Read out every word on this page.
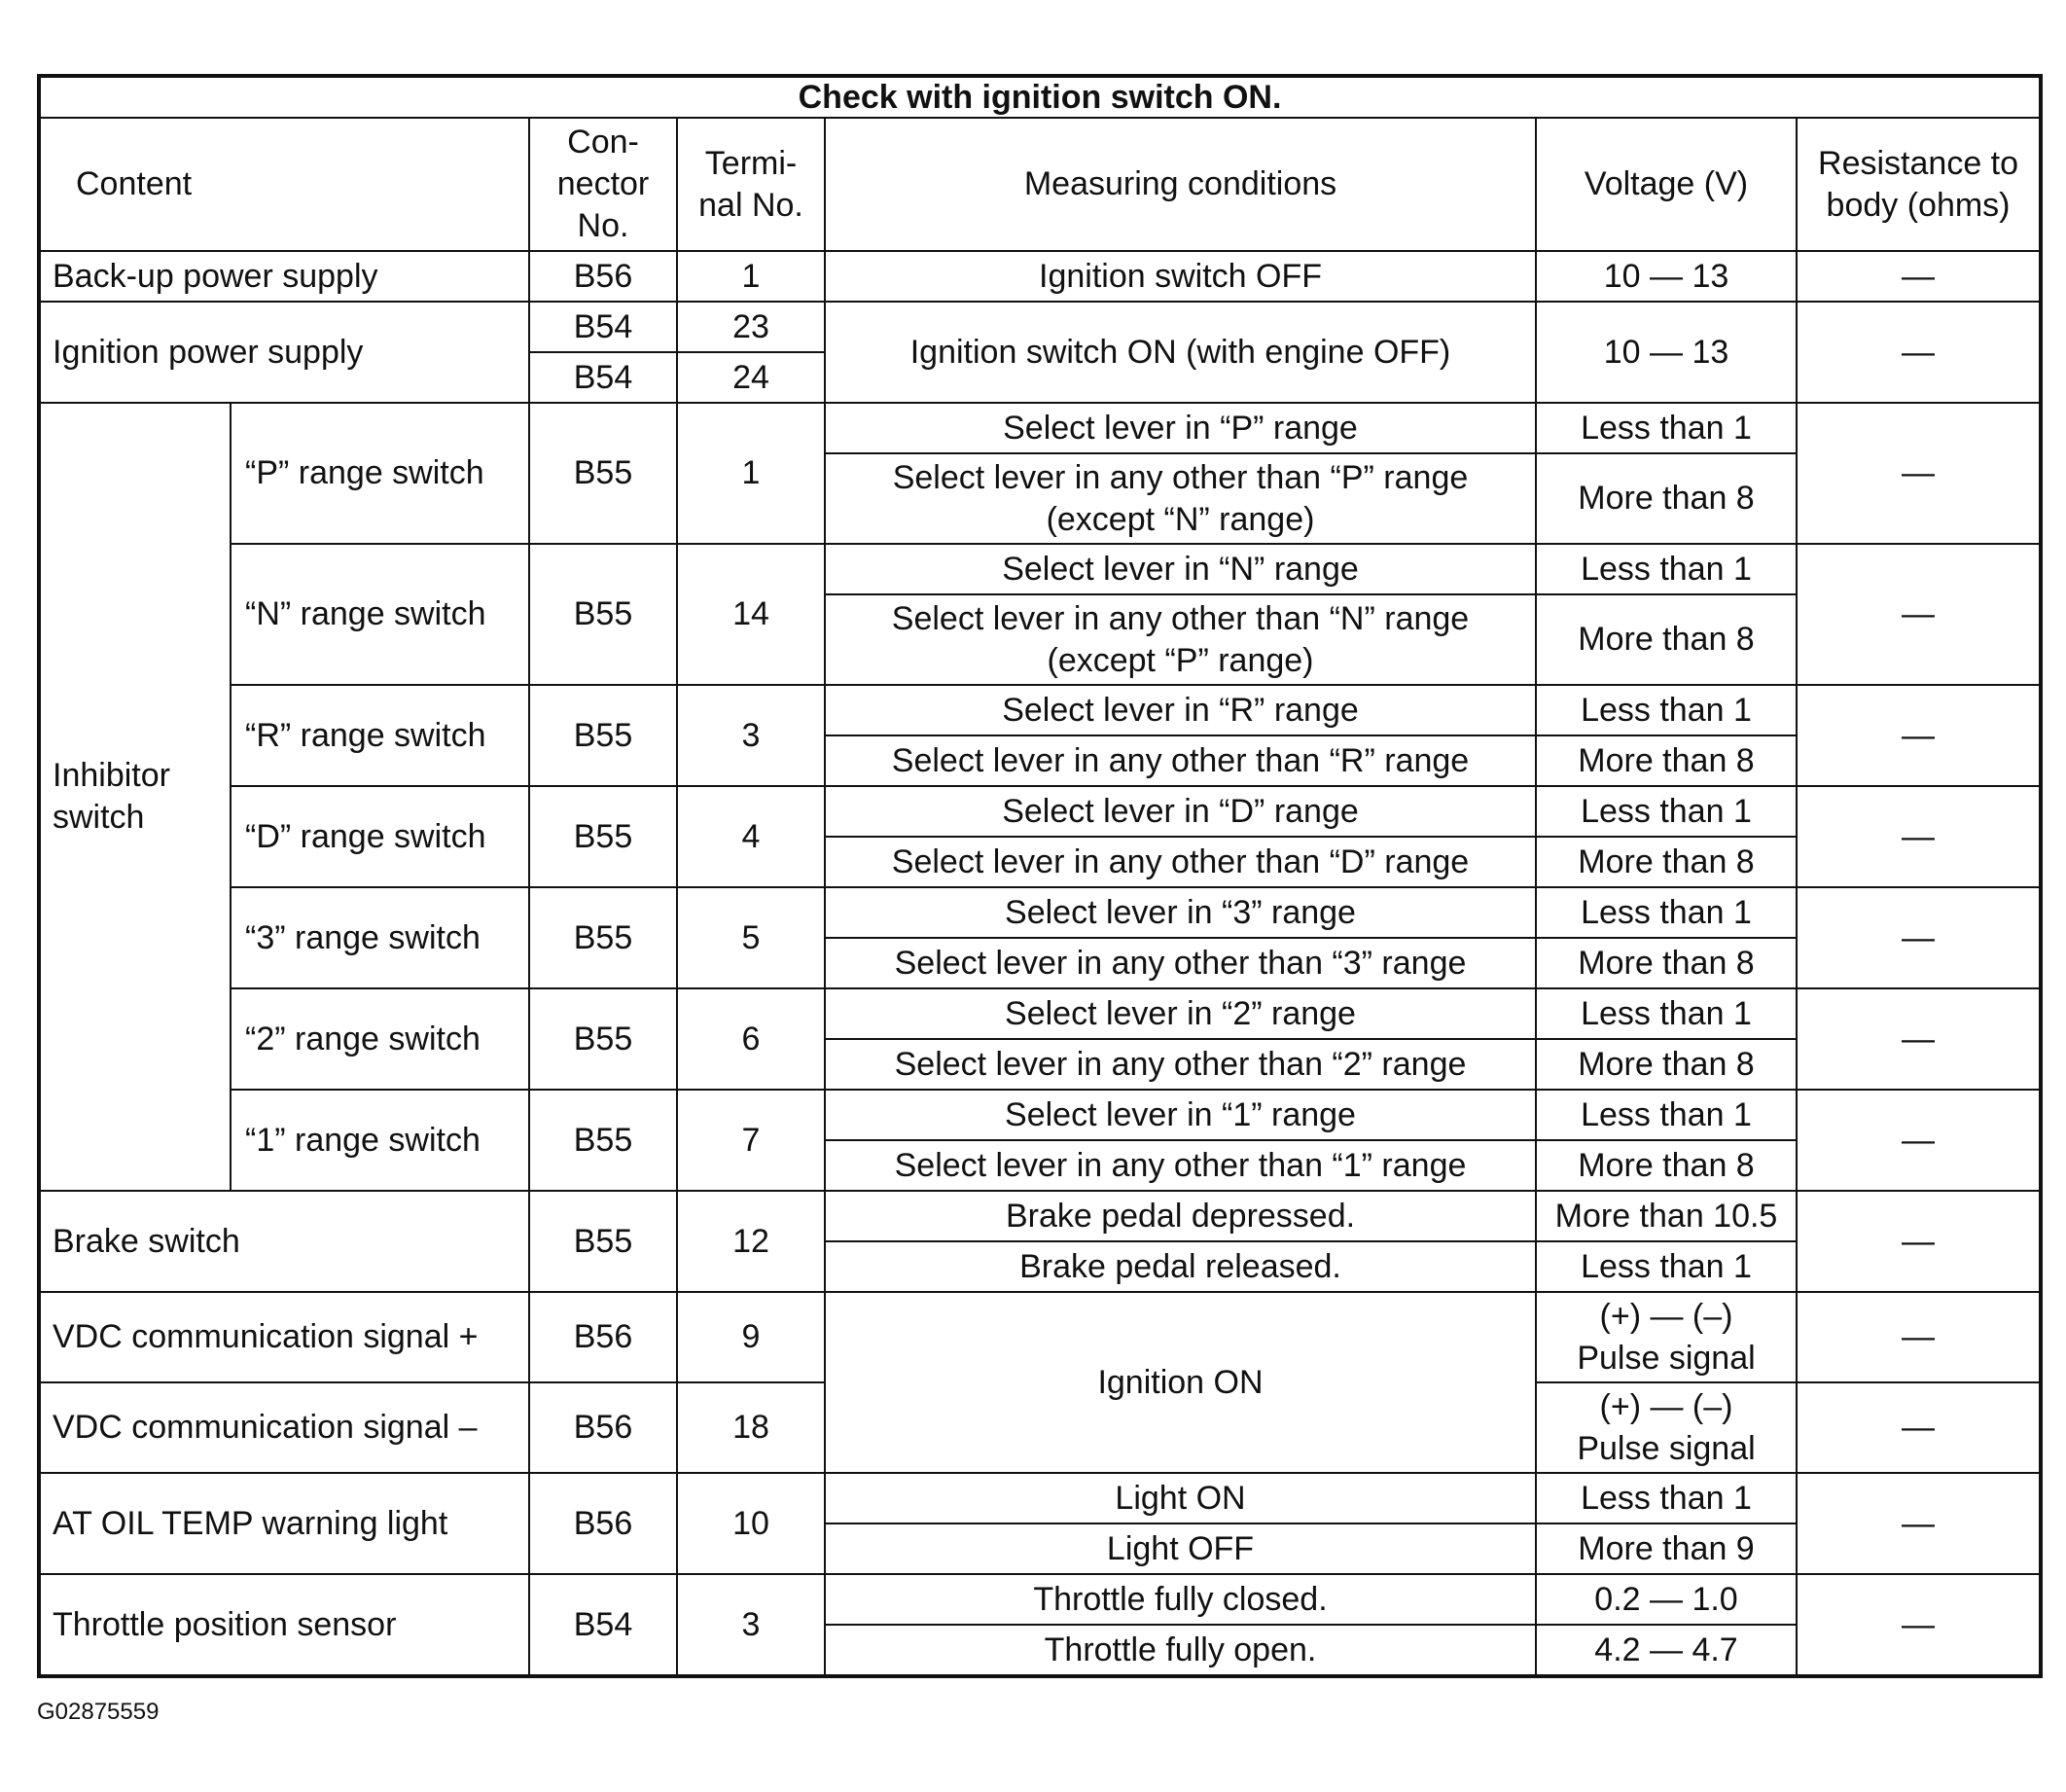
Check with ignition switch ON.						
Content		Con-
nector
No.	Termi-
nal No.	Measuring conditions	Voltage (V)	Resistance to
body (ohms)
Back-up power supply		B56	1	Ignition switch OFF	10 — 13	—
Ignition power supply		B54	23	Ignition switch ON (with engine OFF)	10 — 13	—
		B54	24			
Inhibitor
switch	“P” range switch	B55	1	Select lever in “P” range	Less than 1	—
				Select lever in any other than “P” range
(except “N” range)	More than 8	
	“N” range switch	B55	14	Select lever in “N” range	Less than 1	—
				Select lever in any other than “N” range
(except “P” range)	More than 8	
	“R” range switch	B55	3	Select lever in “R” range	Less than 1	—
				Select lever in any other than “R” range	More than 8	
	“D” range switch	B55	4	Select lever in “D” range	Less than 1	—
				Select lever in any other than “D” range	More than 8	
	“3” range switch	B55	5	Select lever in “3” range	Less than 1	—
				Select lever in any other than “3” range	More than 8	
	“2” range switch	B55	6	Select lever in “2” range	Less than 1	—
				Select lever in any other than “2” range	More than 8	
	“1” range switch	B55	7	Select lever in “1” range	Less than 1	—
				Select lever in any other than “1” range	More than 8	
Brake switch		B55	12	Brake pedal depressed.	More than 10.5	—
				Brake pedal released.	Less than 1	
VDC communication signal +		B56	9	Ignition ON	(+) — (–)
Pulse signal	—
VDC communication signal –		B56	18		(+) — (–)
Pulse signal	—
AT OIL TEMP warning light		B56	10	Light ON	Less than 1	—
				Light OFF	More than 9	
Throttle position sensor		B54	3	Throttle fully closed.	0.2 — 1.0	—
				Throttle fully open.	4.2 — 4.7	
G02875559
